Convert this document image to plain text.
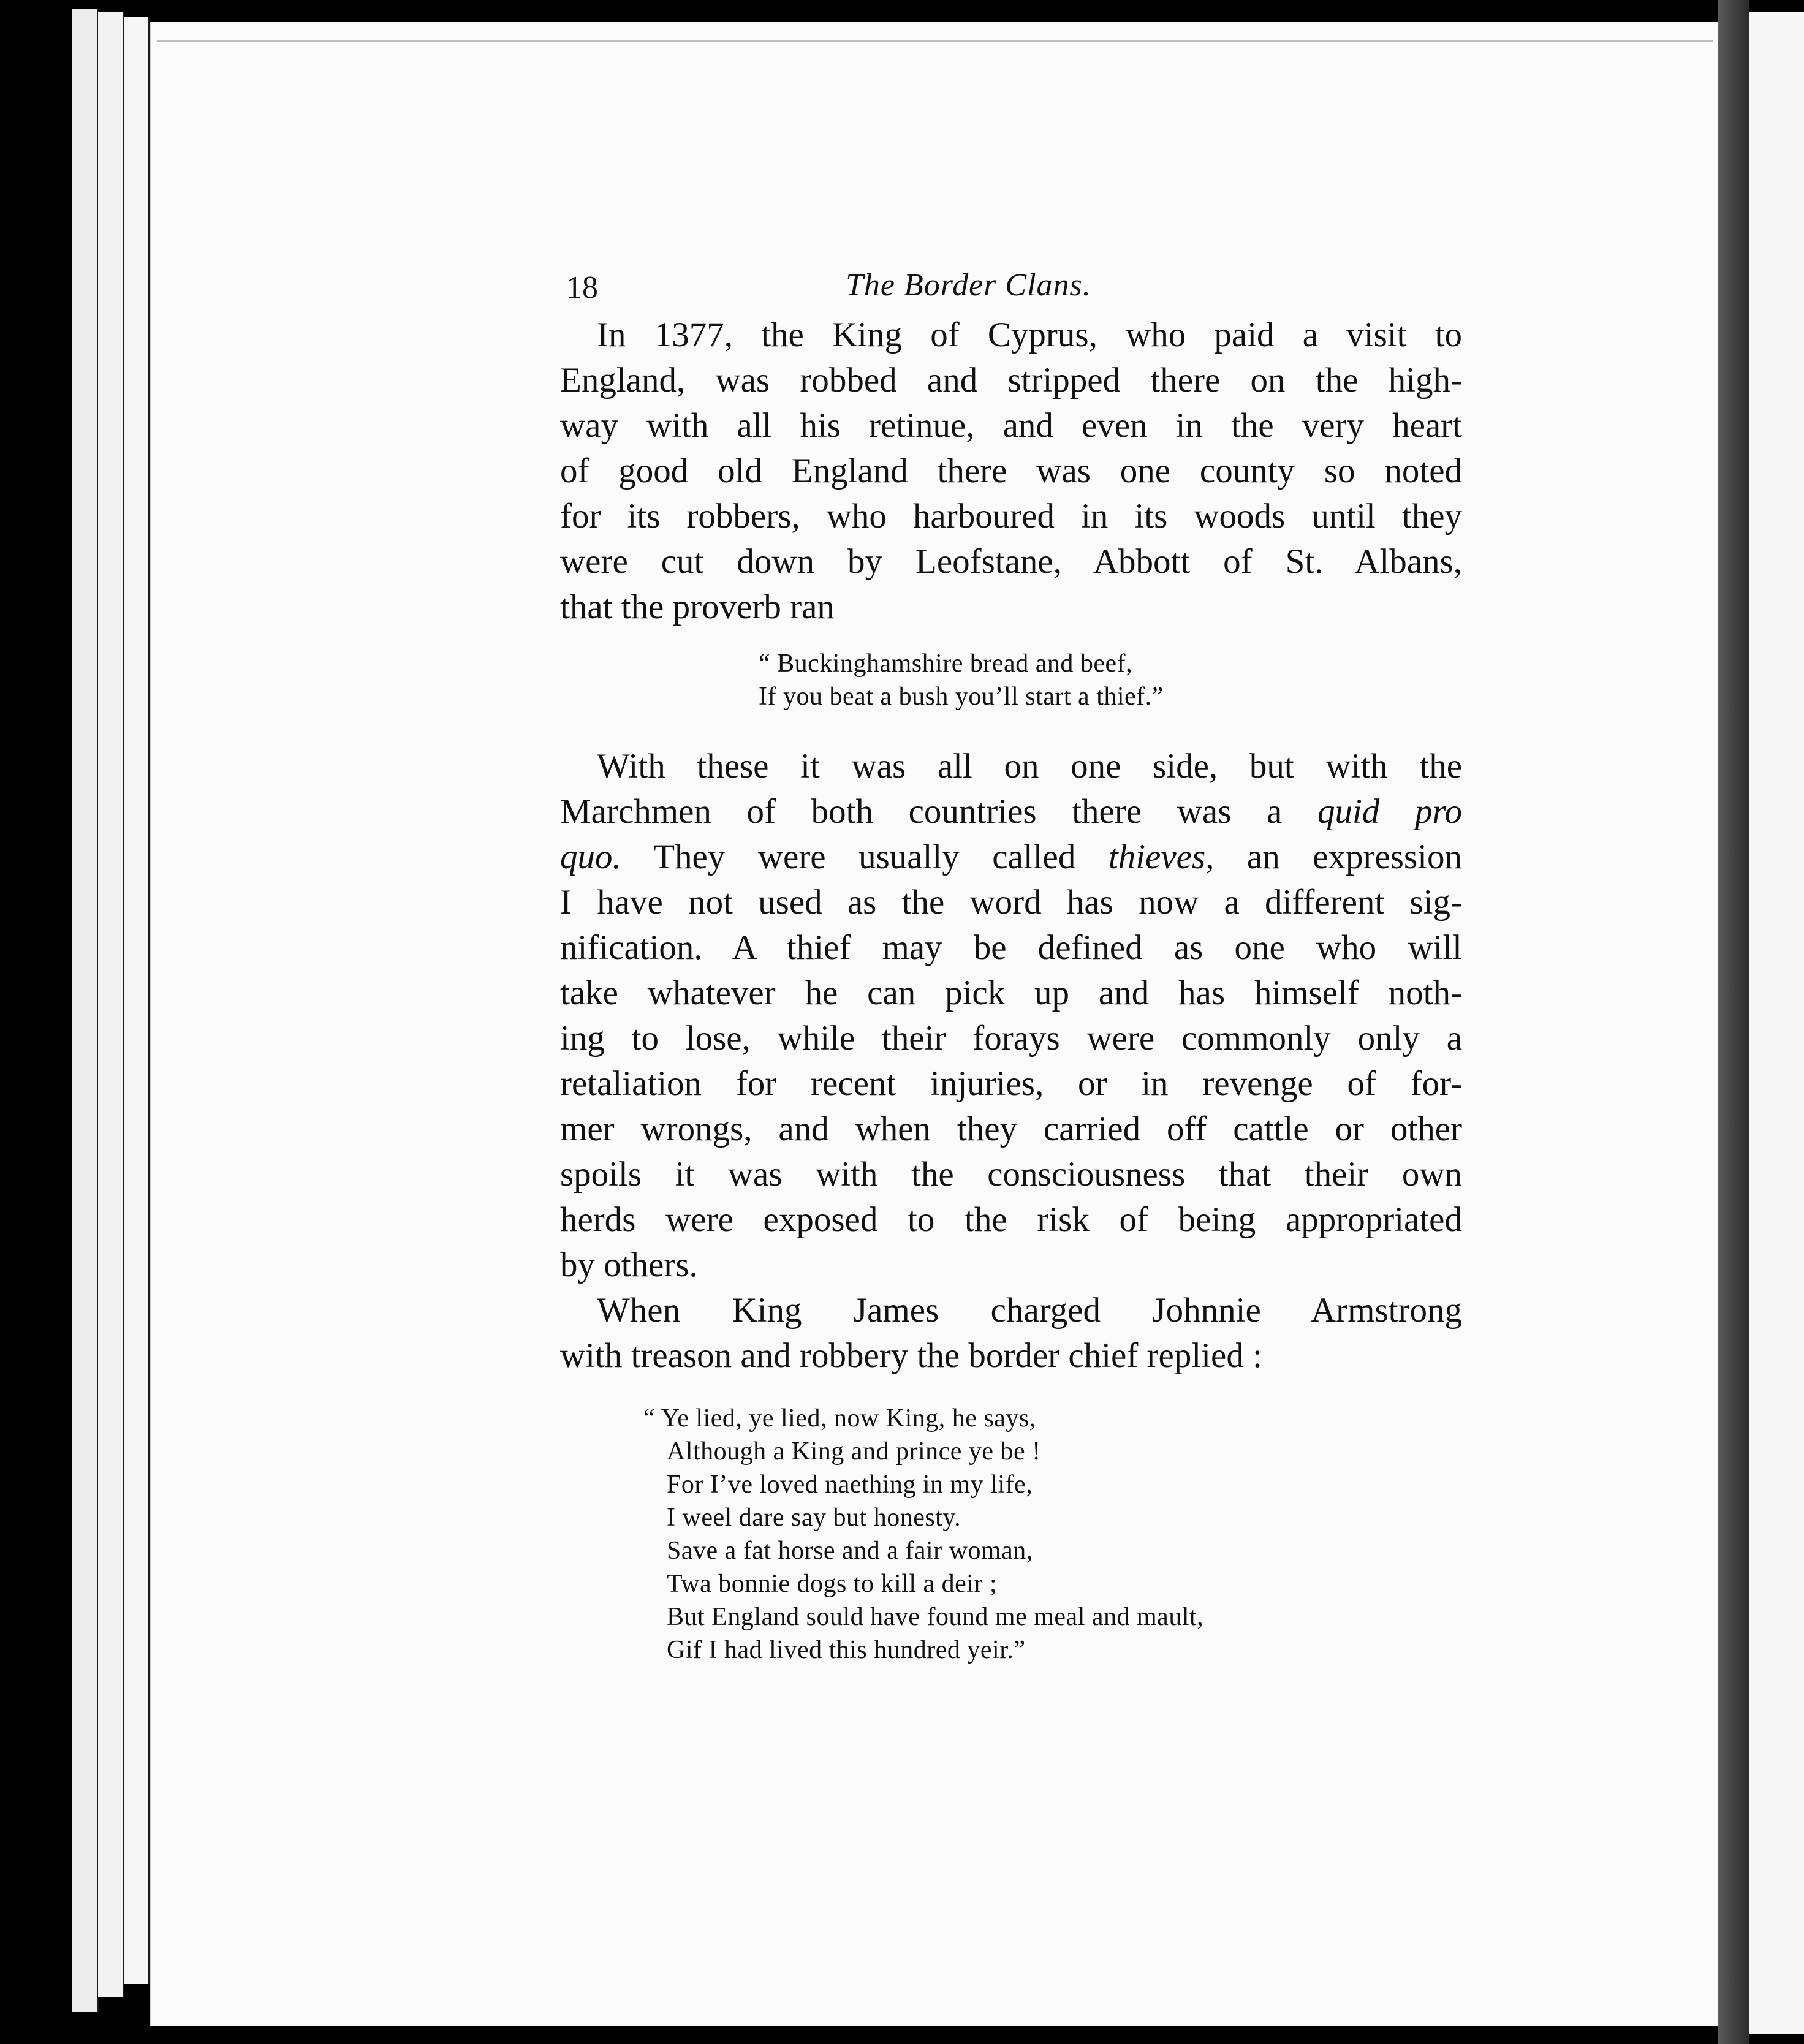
18	The Border Clans.
In 1377, the King of Cyprus, who paid a visit to
England, was robbed and stripped there on the high-
way with all his retinue, and even in the very heart
of good old England there was one county so noted
for its robbers, who harboured in its woods until they
were cut down by Leofstane, Abbott of St. Albans,
that the proverb ran
“ Buckinghamshire bread and beef,
If you beat a bush you’ll start a thief.”
With these it was all on one side, but with the
Marchmen of both countries there was a quid pro
quo. They were usually called thieves, an expression
I have not used as the word has now a different sig-
nification. A thief may be defined as one who will
take whatever he can pick up and has himself noth-
ing to lose, while their forays were commonly only a
retaliation for recent injuries, or in revenge of for-
mer wrongs, and when they carried off cattle or other
spoils it was with the consciousness that their own
herds were exposed to the risk of being appropriated
by others.
When King James charged Johnnie Armstrong
with treason and robbery the border chief replied :
“ Ye lied, ye lied, now King, he says,
Although a King and prince ye be !
For I’ve loved naething in my life,
I weel dare say but honesty.
Save a fat horse and a fair woman,
Twa bonnie dogs to kill a deir ;
But England sould have found me meal and mault,
Gif I had lived this hundred yeir.”
